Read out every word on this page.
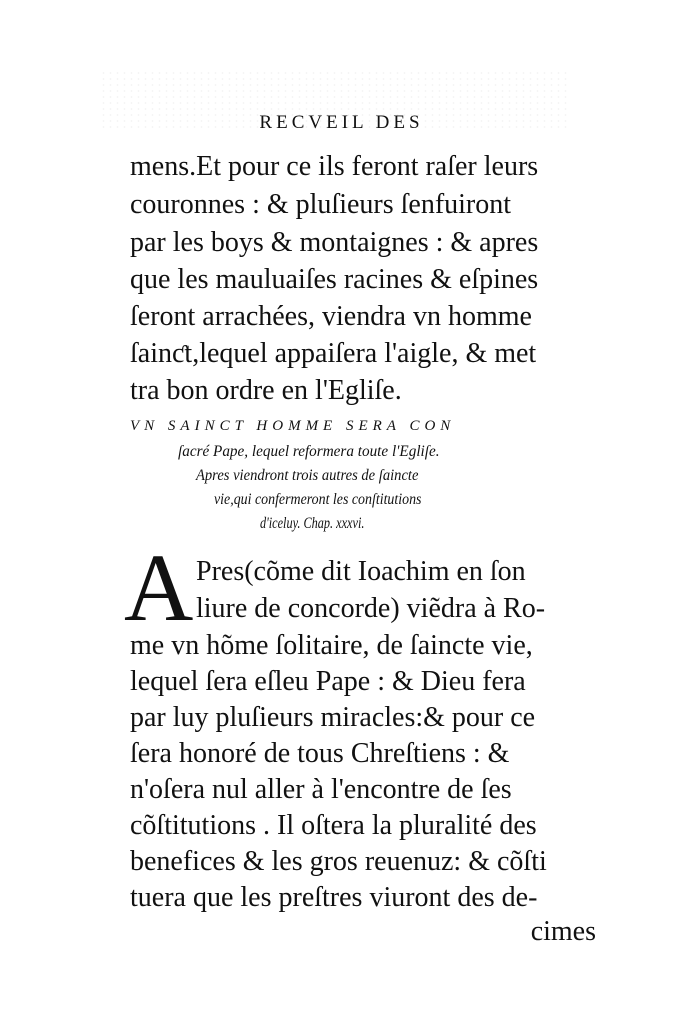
RECVEIL DES
mens.Et pour ce ils feront raſer leurs
couronnes : & pluſieurs ſenfuiront
par les boys & montaignes : & apres
que les mauluaiſes racines & eſpines
ſeront arrachées, viendra vn homme
ſainƈt,lequel appaiſera l'aigle, & met
tra bon ordre en l'Egliſe.
VN SAINCT HOMME SERA CON
ſacré Pape, lequel reformera toute l'Egliſe.
Apres viendront trois autres de ſaincte
vie,qui confermeront les conſtitutions
d'iceluy. Chap. xxxvi.
A Pres(cõme dit Ioachim en ſon
liure de concorde) viẽdra à Ro-
me vn hõme ſolitaire, de ſaincte vie,
lequel ſera eſleu Pape : & Dieu fera
par luy pluſieurs miracles:& pour ce
ſera honoré de tous Chreſtiens : &
n'oſera nul aller à l'encontre de ſes
cõſtitutions . Il oſtera la pluralité des
benefices & les gros reuenuz: & cõſti
tuera que les preſtres viuront des de-
cimes
